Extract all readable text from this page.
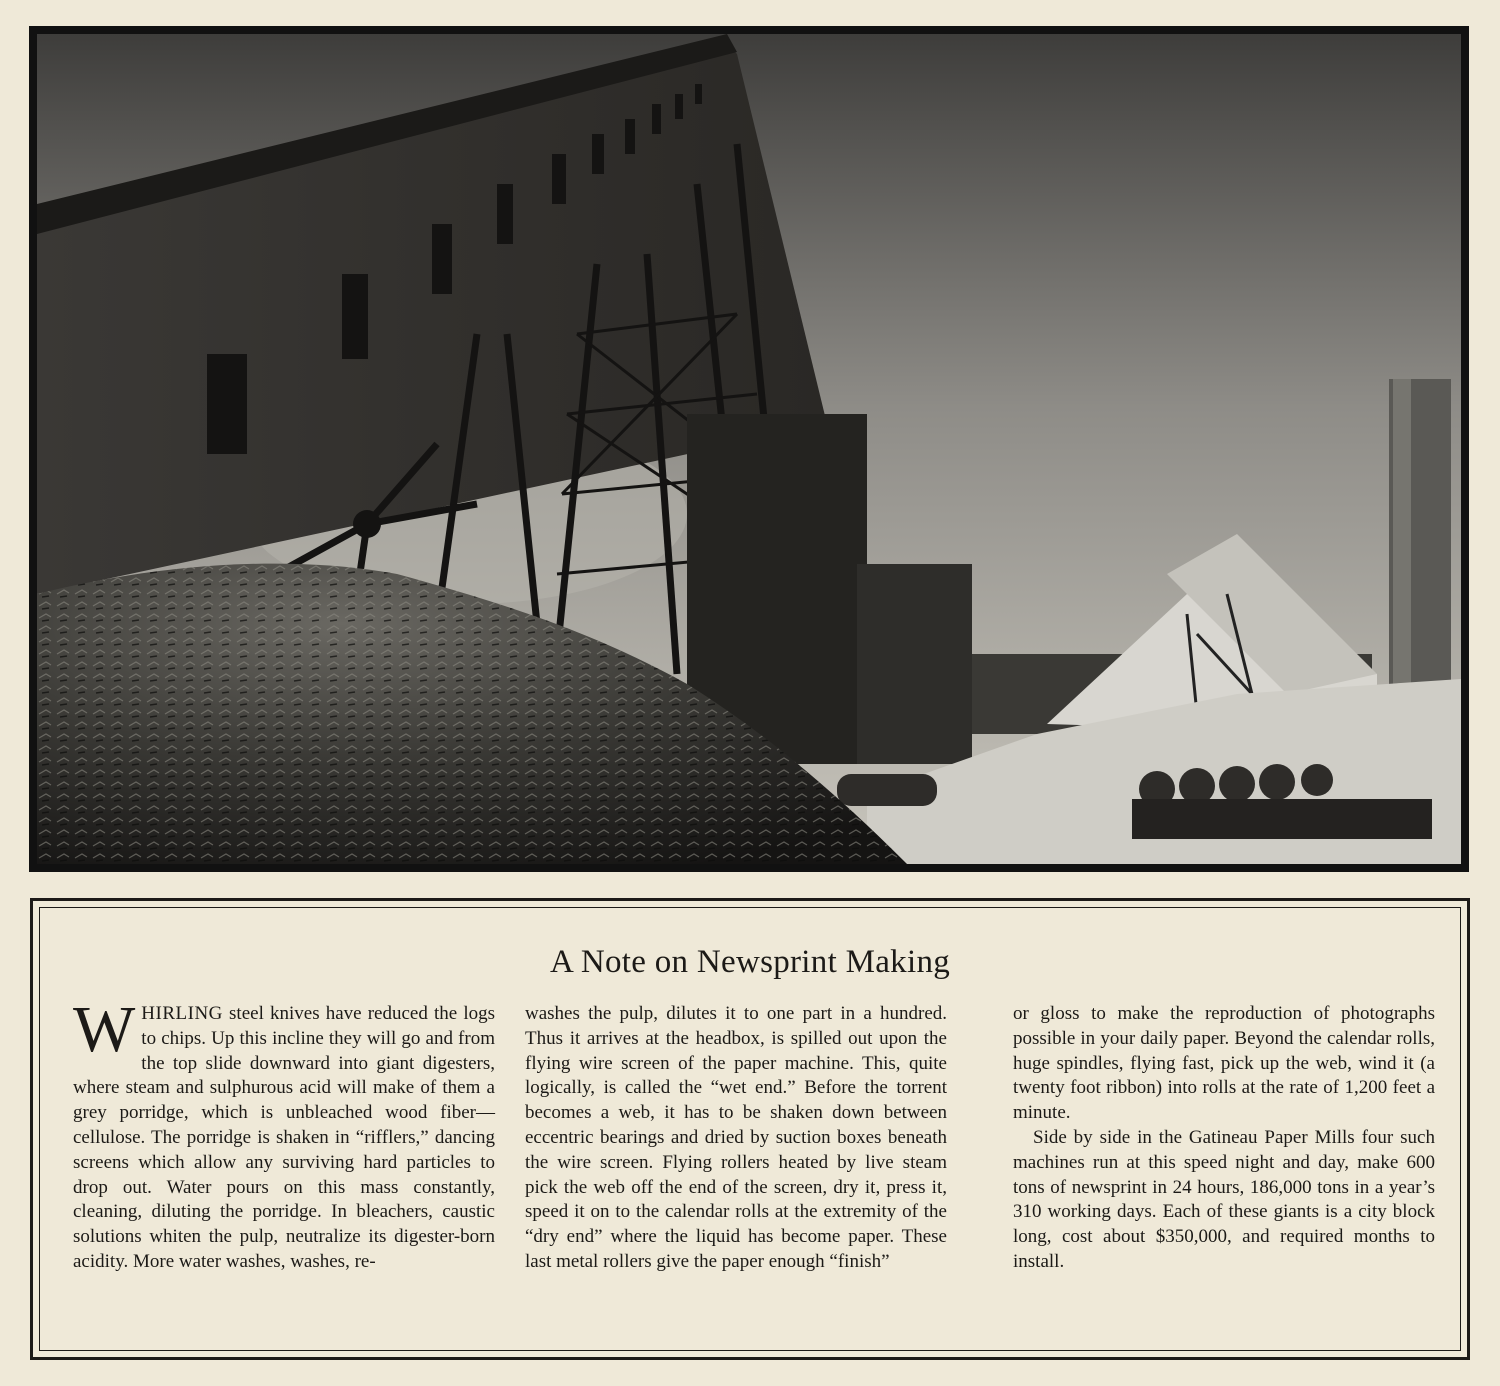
A Note on Newsprint Making

WHIRLING steel knives have reduced the logs to chips. Up this incline they will go and from the top slide downward into giant digesters, where steam and sulphurous acid will make of them a grey porridge, which is unbleached wood fiber—cellulose. The porridge is shaken in “rifflers,” dancing screens which allow any surviving hard particles to drop out. Water pours on this mass constantly, cleaning, diluting the porridge. In bleachers, caustic solutions whiten the pulp, neutralize its digester-born acidity. More water washes, washes, re-

washes the pulp, dilutes it to one part in a hundred. Thus it arrives at the headbox, is spilled out upon the flying wire screen of the paper machine. This, quite logically, is called the “wet end.” Before the torrent becomes a web, it has to be shaken down between eccentric bearings and dried by suction boxes beneath the wire screen. Flying rollers heated by live steam pick the web off the end of the screen, dry it, press it, speed it on to the calendar rolls at the extremity of the “dry end” where the liquid has become paper. These last metal rollers give the paper enough “finish”

or gloss to make the reproduction of photographs possible in your daily paper. Beyond the calendar rolls, huge spindles, flying fast, pick up the web, wind it (a twenty foot ribbon) into rolls at the rate of 1,200 feet a minute.

Side by side in the Gatineau Paper Mills four such machines run at this speed night and day, make 600 tons of newsprint in 24 hours, 186,000 tons in a year’s 310 working days. Each of these giants is a city block long, cost about $350,000, and required months to install.
